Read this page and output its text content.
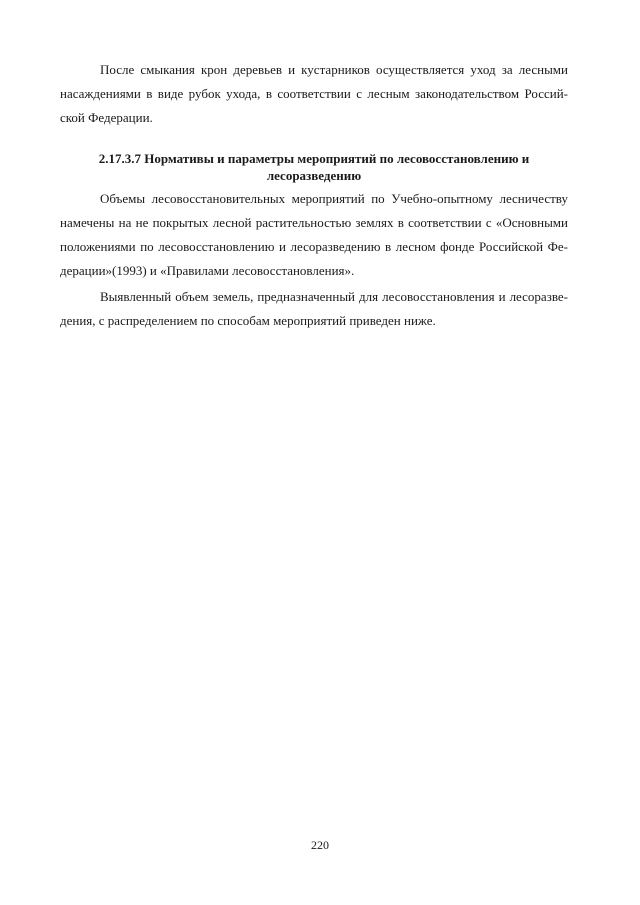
После смыкания крон деревьев и кустарников осуществляется уход за лесными
насаждениями в виде рубок ухода, в соответствии с лесным законодательством Россий-
ской Федерации.
2.17.3.7 Нормативы и параметры мероприятий по лесовосстановлению и
лесоразведению
Объемы лесовосстановительных мероприятий по Учебно-опытному лесничеству
намечены на не покрытых лесной растительностью землях в соответствии с «Основными
положениями по лесовосстановлению и лесоразведению в лесном фонде Российской Фе-
дерации»(1993) и «Правилами лесовосстановления».
Выявленный объем земель, предназначенный для лесовосстановления и лесоразве-
дения, с распределением по способам мероприятий приведен ниже.
220
